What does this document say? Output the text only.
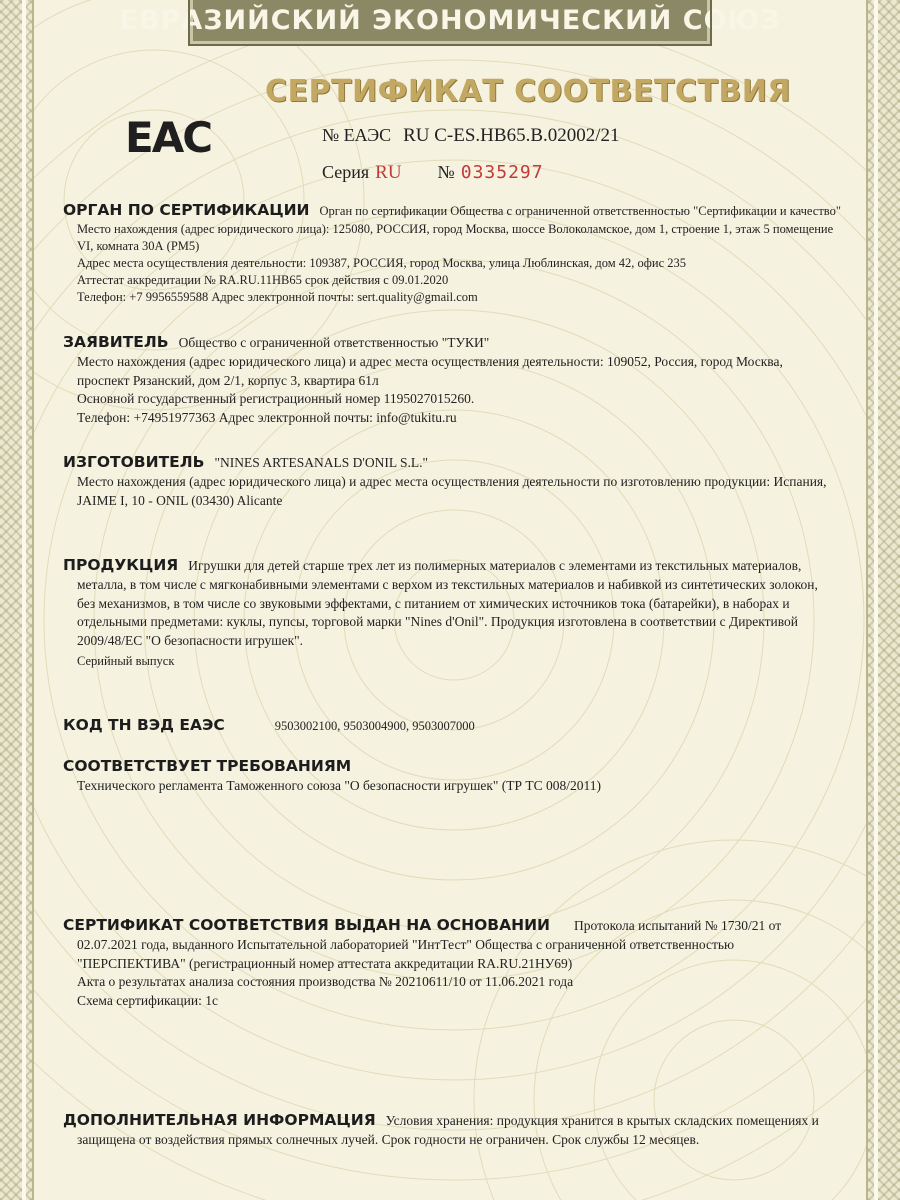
ЕВРАЗИЙСКИЙ ЭКОНОМИЧЕСКИЙ СОЮЗ
СЕРТИФИКАТ СООТВЕТСТВИЯ
EAC	№ ЕАЭС RU C-ES.НВ65.В.02002/21
Серия RU № 0335297
ОРГАН ПО СЕРТИФИКАЦИИ Орган по сертификации Общества с ограниченной ответственностью "Сертификации и качество"
Место нахождения (адрес юридического лица): 125080, РОССИЯ, город Москва, шоссе Волоколамское, дом 1, строение 1, этаж 5 помещение
VI, комната 30А (РМ5)
Адрес места осуществления деятельности: 109387, РОССИЯ, город Москва, улица Люблинская, дом 42, офис 235
Аттестат аккредитации № RA.RU.11НВ65 срок действия с 09.01.2020
Телефон: +7 9956559588 Адрес электронной почты: sert.quality@gmail.com
ЗАЯВИТЕЛЬ Общество с ограниченной ответственностью "ТУКИ"
Место нахождения (адрес юридического лица) и адрес места осуществления деятельности: 109052, Россия, город Москва,
проспект Рязанский, дом 2/1, корпус 3, квартира 61л
Основной государственный регистрационный номер 1195027015260.
Телефон: +74951977363 Адрес электронной почты: info@tukitu.ru
ИЗГОТОВИТЕЛЬ "NINES ARTESANALS D'ONIL S.L."
Место нахождения (адрес юридического лица) и адрес места осуществления деятельности по изготовлению продукции: Испания,
JAIME I, 10 - ONIL (03430) Alicante
ПРОДУКЦИЯ Игрушки для детей старше трех лет из полимерных материалов с элементами из текстильных материалов,
металла, в том числе с мягконабивными элементами с верхом из текстильных материалов и набивкой из синтетических золокон,
без механизмов, в том числе со звуковыми эффектами, с питанием от химических источников тока (батарейки), в наборах и
отдельными предметами: куклы, пупсы, торговой марки "Nines d'Onil". Продукция изготовлена в соответствии с Директивой
2009/48/ЕС "О безопасности игрушек".
Серийный выпуск
КОД ТН ВЭД ЕАЭС	9503002100, 9503004900, 9503007000
СООТВЕТСТВУЕТ ТРЕБОВАНИЯМ
Технического регламента Таможенного союза "О безопасности игрушек" (ТР ТС 008/2011)
СЕРТИФИКАТ СООТВЕТСТВИЯ ВЫДАН НА ОСНОВАНИИ Протокола испытаний № 1730/21 от
02.07.2021 года, выданного Испытательной лабораторией "ИнтТест" Общества с ограниченной ответственностью
"ПЕРСПЕКТИВА" (регистрационный номер аттестата аккредитации RA.RU.21НУ69)
Акта о результатах анализа состояния производства № 20210611/10 от 11.06.2021 года
Схема сертификации: 1с
ДОПОЛНИТЕЛЬНАЯ ИНФОРМАЦИЯ Условия хранения: продукция хранится в крытых складских помещениях и
защищена от воздействия прямых солнечных лучей. Срок годности не ограничен. Срок службы 12 месяцев.
